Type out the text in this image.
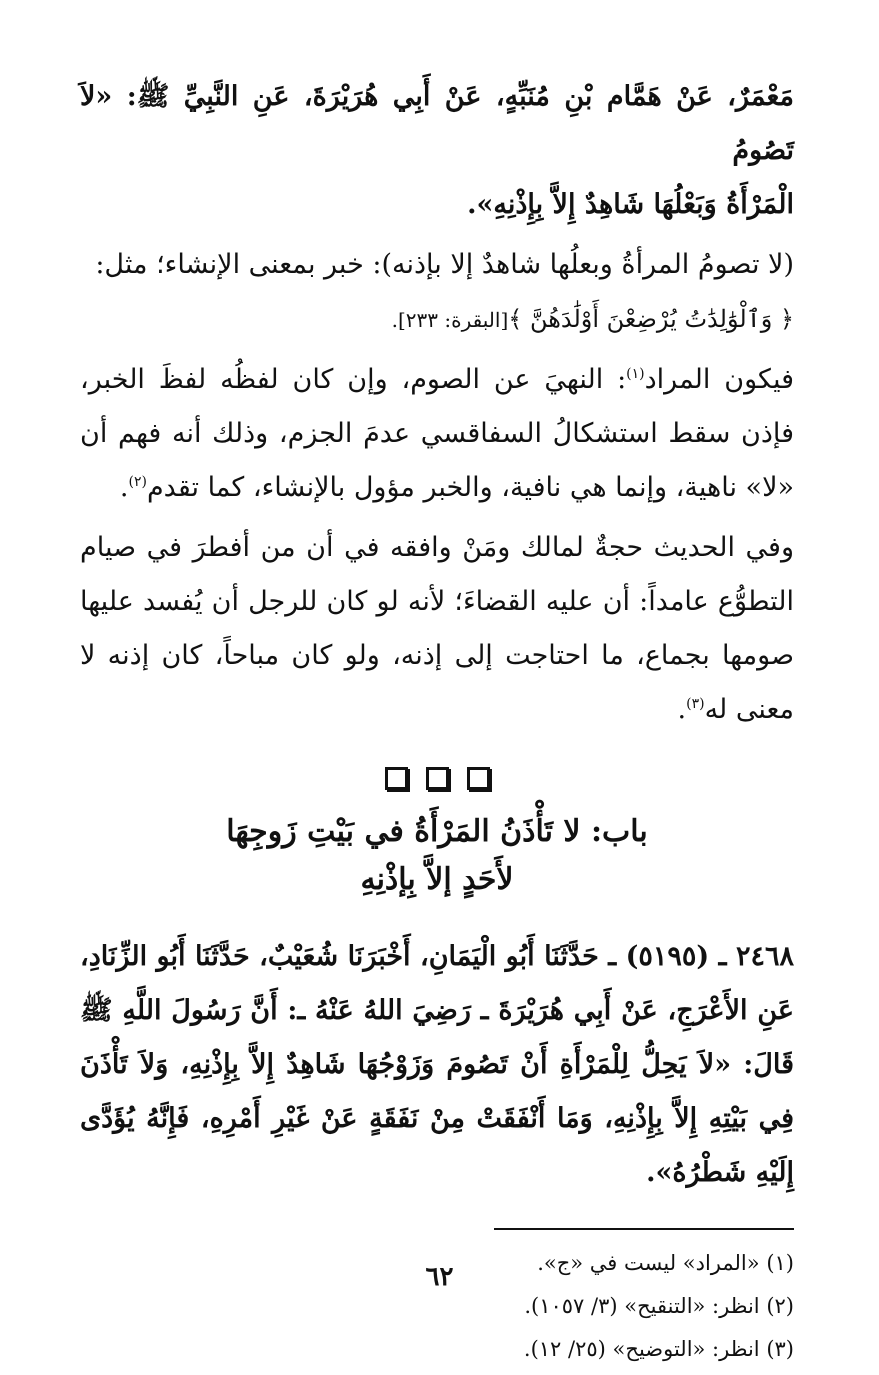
مَعْمَرٌ، عَنْ هَمَّام بْنِ مُنَبِّهٍ، عَنْ أَبِي هُرَيْرَةَ، عَنِ النَّبِيِّ ﷺ: «لاَ تَصُومُ

الْمَرْأَةُ وَبَعْلُهَا شَاهِدٌ إِلاَّ بِإِذْنِهِ».

(لا تصومُ المرأةُ وبعلُها شاهدٌ إلا بإذنه): خبر بمعنى الإنشاء؛ مثل:
﴿ وَٱلْوَٰلِدَٰتُ يُرْضِعْنَ أَوْلَٰدَهُنَّ ﴾[البقرة: ٢٣٣].
فيكون المراد$^{(١)}$: النهيَ عن الصوم، وإن كان لفظُه لفظَ الخبر، فإذن سقط استشكالُ السفاقسي عدمَ الجزم، وذلك أنه فهم أن «لا» ناهية، وإنما هي نافية، والخبر مؤول بالإنشاء، كما تقدم$^{(٢)}$.
وفي الحديث حجةٌ لمالك ومَنْ وافقه في أن من أفطرَ في صيام التطوُّع عامداً: أن عليه القضاءَ؛ لأنه لو كان للرجل أن يُفسد عليها صومها بجماع، ما احتاجت إلى إذنه، ولو كان مباحاً، كان إذنه لا معنى له$^{(٣)}$.
باب: لا تَأْذَنُ المَرْأَةُ في بَيْتِ زَوجِهَا
لأَحَدٍ إلاَّ بِإذْنِهِ
٢٤٦٨ ـ (٥١٩٥) ـ حَدَّثَنَا أَبُو الْيَمَانِ، أَخْبَرَنَا شُعَيْبٌ، حَدَّثَنَا أَبُو الزِّنَادِ، عَنِ الأَعْرَجِ، عَنْ أَبِي هُرَيْرَةَ ـ رَضِيَ اللهُ عَنْهُ ـ: أَنَّ رَسُولَ اللَّهِ ﷺ قَالَ: «لاَ يَحِلُّ لِلْمَرْأَةِ أَنْ تَصُومَ وَزَوْجُهَا شَاهِدٌ إِلاَّ بِإِذْنِهِ، وَلاَ تَأْذَنَ فِي بَيْتِهِ إِلاَّ بِإِذْنِهِ، وَمَا أَنْفَقَتْ مِنْ نَفَقَةٍ عَنْ غَيْرِ أَمْرِهِ، فَإِنَّهُ يُؤَدَّى إِلَيْهِ شَطْرُهُ».
(١) «المراد» ليست في «ج».
(٢) انظر: «التنقيح» (٣/ ١٠٥٧).
(٣) انظر: «التوضيح» (٢٥/ ١٢).
٦٢
